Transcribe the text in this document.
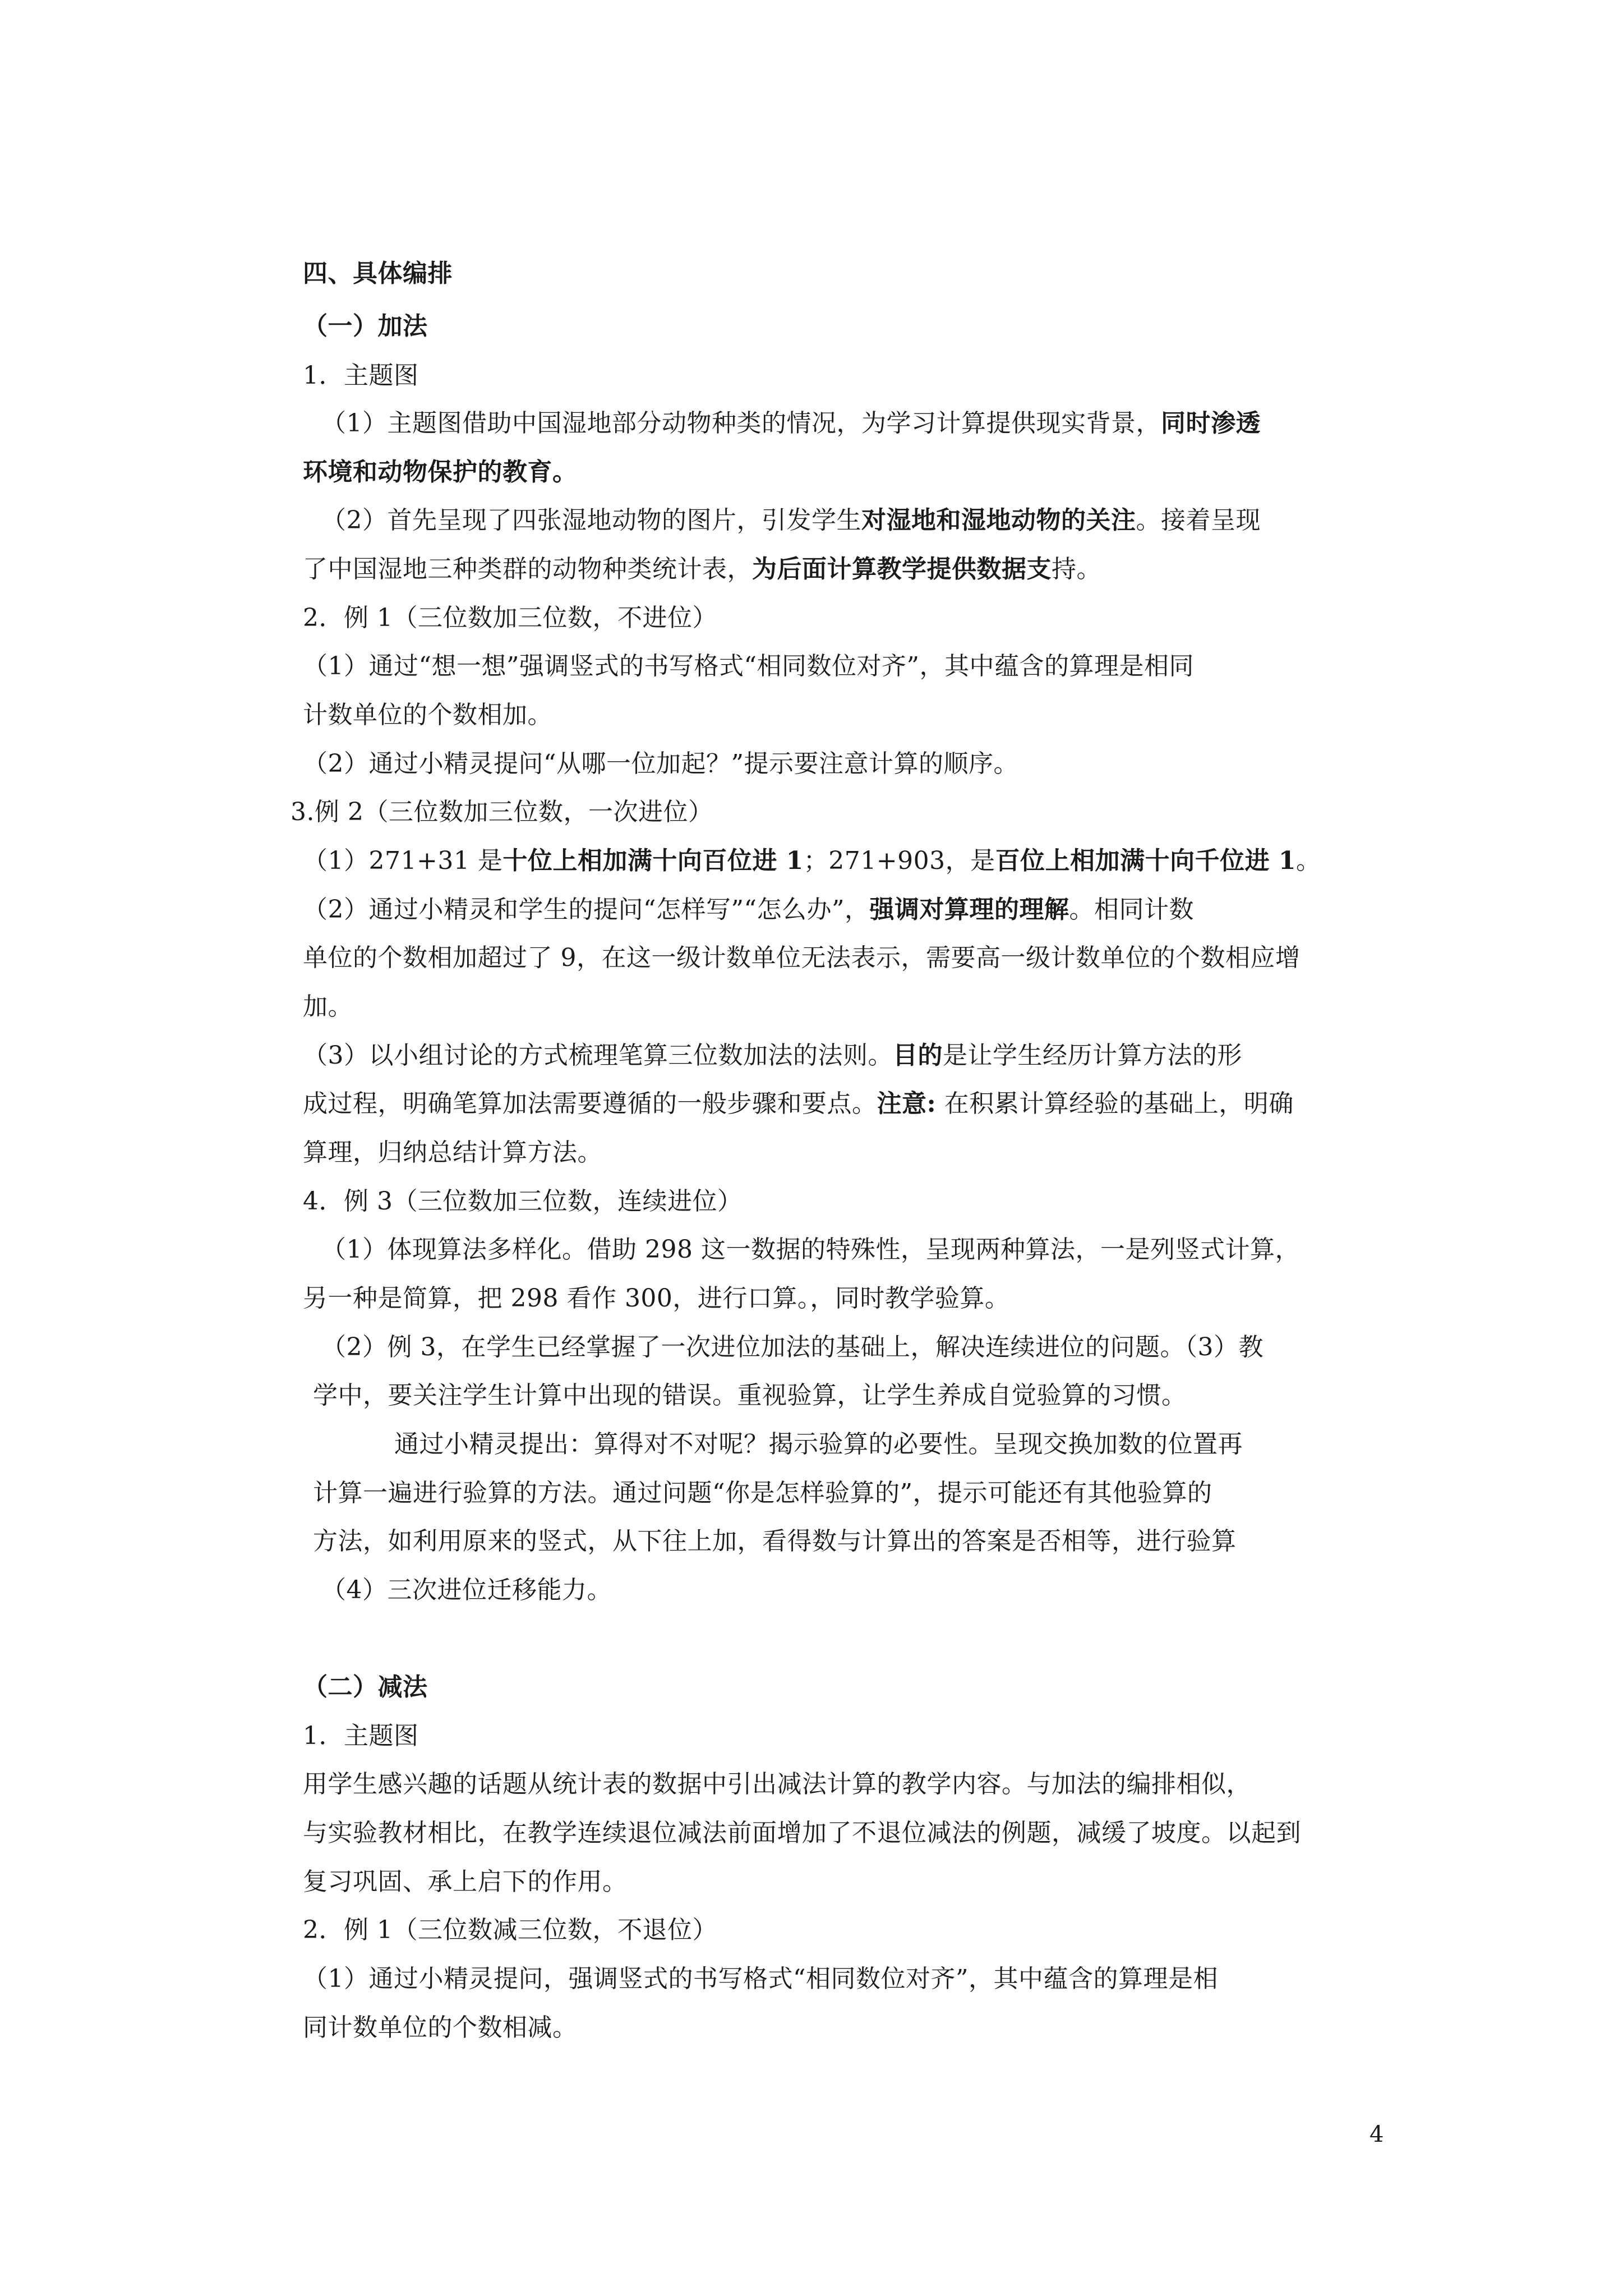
四、具体编排

（一）加法

1．主题图

（1）主题图借助中国湿地部分动物种类的情况，为学习计算提供现实背景，同时渗透

环境和动物保护的教育。

（2）首先呈现了四张湿地动物的图片，引发学生对湿地和湿地动物的关注。接着呈现

了中国湿地三种类群的动物种类统计表，为后面计算教学提供数据支持。

2．例 1（三位数加三位数，不进位）

（1）通过“想一想”强调竖式的书写格式“相同数位对齐”，其中蕴含的算理是相同

计数单位的个数相加。

（2）通过小精灵提问“从哪一位加起？”提示要注意计算的顺序。

3.例 2（三位数加三位数，一次进位）

（1）271+31 是十位上相加满十向百位进 1；271+903，是百位上相加满十向千位进 1。

（2）通过小精灵和学生的提问“怎样写”“怎么办”，强调对算理的理解。相同计数

单位的个数相加超过了 9，在这一级计数单位无法表示，需要高一级计数单位的个数相应增

加。

（3）以小组讨论的方式梳理笔算三位数加法的法则。目的是让学生经历计算方法的形

成过程，明确笔算加法需要遵循的一般步骤和要点。注意: 在积累计算经验的基础上，明确

算理，归纳总结计算方法。

4．例 3（三位数加三位数，连续进位）

（1）体现算法多样化。借助 298 这一数据的特殊性，呈现两种算法，一是列竖式计算，

另一种是简算，把 298 看作 300，进行口算。，同时教学验算。

（2）例 3，在学生已经掌握了一次进位加法的基础上，解决连续进位的问题。（3）教

学中，要关注学生计算中出现的错误。重视验算，让学生养成自觉验算的习惯。

通过小精灵提出：算得对不对呢？揭示验算的必要性。呈现交换加数的位置再

计算一遍进行验算的方法。通过问题“你是怎样验算的”，提示可能还有其他验算的

方法，如利用原来的竖式，从下往上加，看得数与计算出的答案是否相等，进行验算

（4）三次进位迁移能力。

（二）减法

1．主题图

用学生感兴趣的话题从统计表的数据中引出减法计算的教学内容。与加法的编排相似，

与实验教材相比，在教学连续退位减法前面增加了不退位减法的例题，减缓了坡度。以起到

复习巩固、承上启下的作用。

2．例 1（三位数减三位数，不退位）

（1）通过小精灵提问，强调竖式的书写格式“相同数位对齐”，其中蕴含的算理是相

同计数单位的个数相减。

4
